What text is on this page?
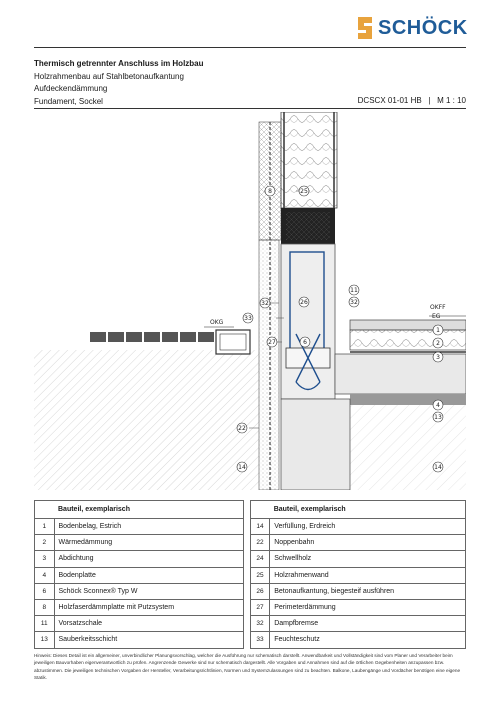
SCHÖCK
Thermisch getrennter Anschluss im Holzbau
Holzrahmenbau auf Stahlbetonaufkantung
Aufdeckendämmung
Fundament, Sockel	DCSCX 01-01 HB   |   M 1 : 10
OKG
8	25
32
33
26
27	6
11
32
1
2
3
4
13
22
14	14
OKFF
EG
	Bauteil, exemplarisch			Bauteil, exemplarisch
1	Bodenbelag, Estrich		14	Verfüllung, Erdreich
2	Wärmedämmung		22	Noppenbahn
3	Abdichtung		24	Schwellholz
4	Bodenplatte		25	Holzrahmenwand
6	Schöck Sconnex® Typ W		26	Betonaufkantung, biegesteif ausführen
8	Holzfaserdämmplatte mit Putzsystem		27	Perimeterdämmung
11	Vorsatzschale		32	Dampfbremse
13	Sauberkeitsschicht		33	Feuchteschutz
Hinweis: Dieses Detail ist ein allgemeiner, unverbindlicher Planungsvorschlag, welcher die Ausführung nur schematisch darstellt. Anwendbarkeit und Vollständigkeit sind vom Planer und Verarbeiter beim jeweiligen Bauvorhaben eigenverantwortlich zu prüfen. Angrenzende Gewerke sind nur schematisch dargestellt. Alle Vorgaben und Annahmen sind auf die örtlichen Gegebenheiten anzupassen bzw. abzustimmen. Die jeweiligen technischen Vorgaben der Hersteller, Verarbeitungsrichtlinien, Normen und Systemzulassungen sind zu beachten. Balkone, Laubengänge und Vordächer benötigen eine eigene Statik.
